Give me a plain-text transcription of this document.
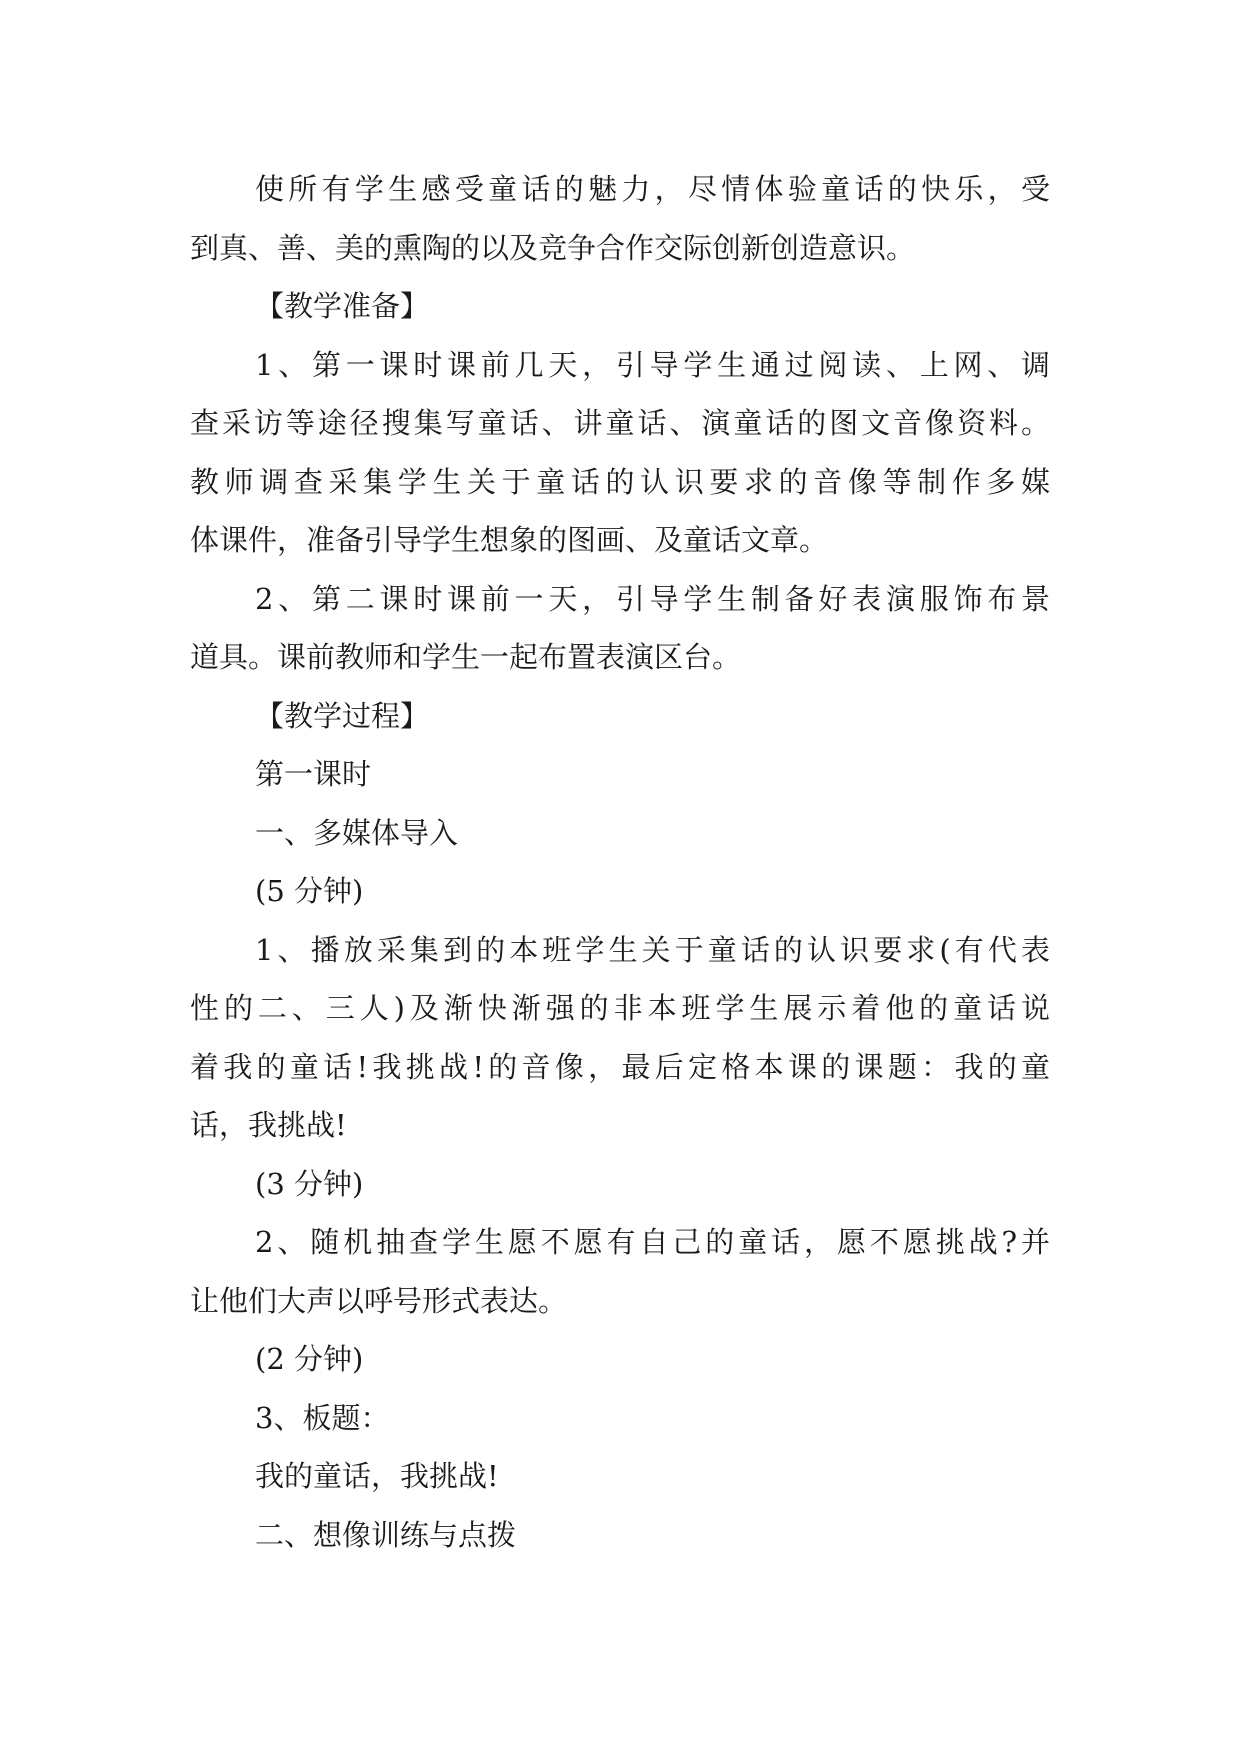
使所有学生感受童话的魅力，尽情体验童话的快乐，受
到真、善、美的熏陶的以及竞争合作交际创新创造意识。
【教学准备】
1、第一课时课前几天，引导学生通过阅读、上网、调
查采访等途径搜集写童话、讲童话、演童话的图文音像资料。
教师调查采集学生关于童话的认识要求的音像等制作多媒
体课件，准备引导学生想象的图画、及童话文章。
2、第二课时课前一天，引导学生制备好表演服饰布景
道具。课前教师和学生一起布置表演区台。
【教学过程】
第一课时
一、多媒体导入
(5 分钟)
1、播放采集到的本班学生关于童话的认识要求(有代表
性的二、三人)及渐快渐强的非本班学生展示着他的童话说
着我的童话!我挑战!的音像，最后定格本课的课题：我的童
话，我挑战!
(3 分钟)
2、随机抽查学生愿不愿有自己的童话，愿不愿挑战?并
让他们大声以呼号形式表达。
(2 分钟)
3、板题：
我的童话，我挑战!
二、想像训练与点拨
